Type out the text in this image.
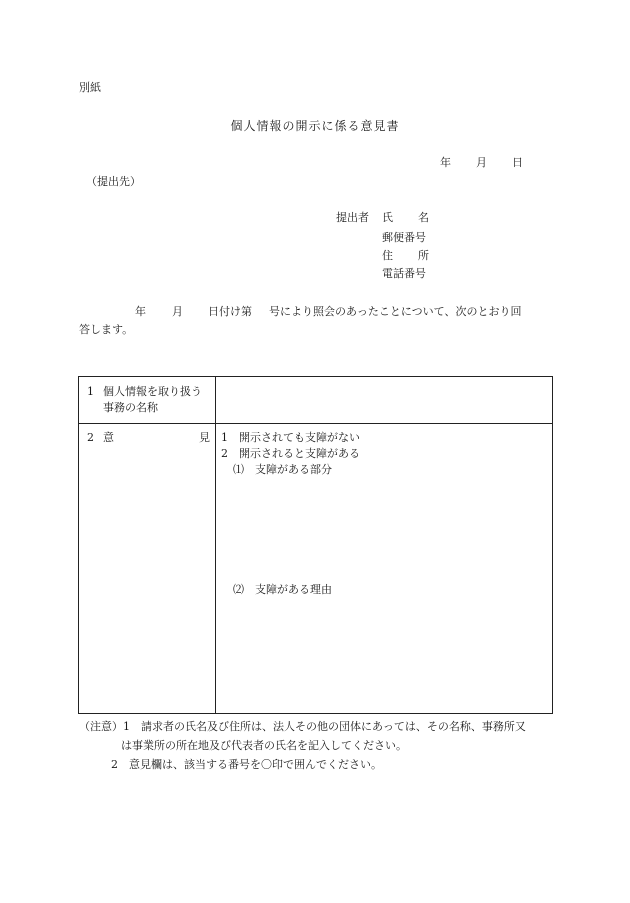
別紙
個人情報の開示に係る意見書
年 月 日
（提出先）
提出者 氏 名
郵便番号
住 所
電話番号
年 月 日付け第 号により照会のあったことについて、次のとおり回
答します。
1 個人情報を取り扱う
事務の名称
2 意	見 1　開示されても支障がない
2　開示されると支障がある
⑴　支障がある部分
⑵　支障がある理由
（注意）1　請求者の氏名及び住所は、法人その他の団体にあっては、その名称、事務所又
は事業所の所在地及び代表者の氏名を記入してください。
2　意見欄は、該当する番号を〇印で囲んでください。
